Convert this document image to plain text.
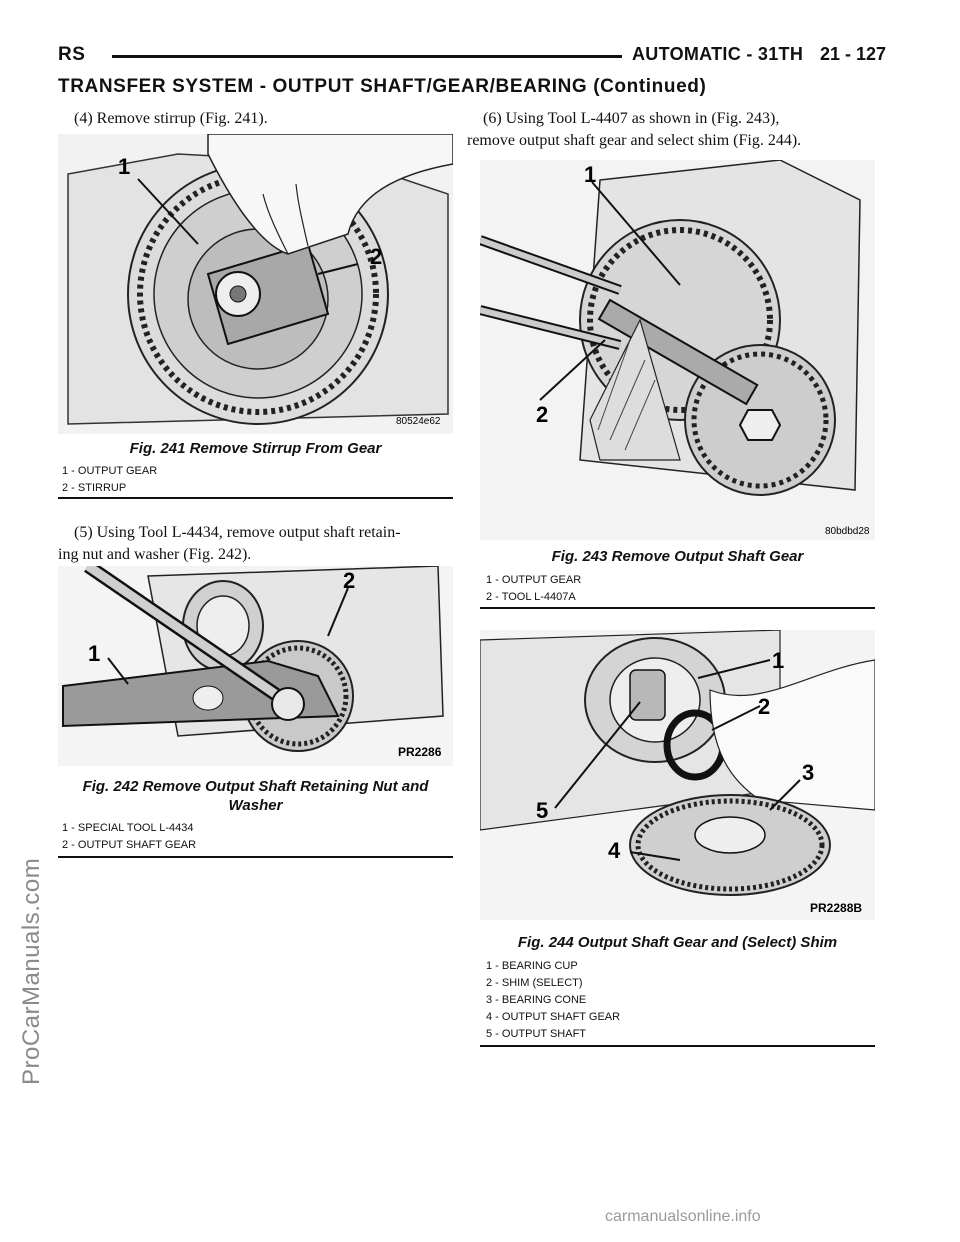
RS	AUTOMATIC - 31TH 21 - 127
TRANSFER SYSTEM - OUTPUT SHAFT/GEAR/BEARING (Continued)
(4) Remove stirrup (Fig. 241).
1
2
80524e62
Fig. 241 Remove Stirrup From Gear
1 - OUTPUT GEAR
2 - STIRRUP
(5) Using Tool L-4434, remove output shaft retain-
ing nut and washer (Fig. 242).
1
2
PR2286
Fig. 242 Remove Output Shaft Retaining Nut and
Washer
1 - SPECIAL TOOL L-4434
2 - OUTPUT SHAFT GEAR
(6) Using Tool L-4407 as shown in (Fig. 243),
remove output shaft gear and select shim (Fig. 244).
1
2
80bdbd28
Fig. 243 Remove Output Shaft Gear
1 - OUTPUT GEAR
2 - TOOL L-4407A
1
2
3
4
5
PR2288B
Fig. 244 Output Shaft Gear and (Select) Shim
1 - BEARING CUP
2 - SHIM (SELECT)
3 - BEARING CONE
4 - OUTPUT SHAFT GEAR
5 - OUTPUT SHAFT
ProCarManuals.com
carmanualsonline.info
